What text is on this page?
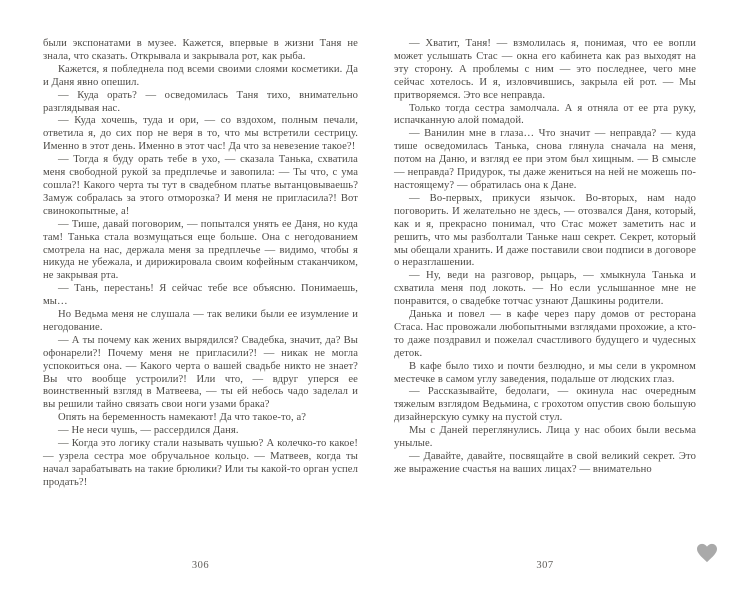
были экспонатами в музее. Кажется, впервые в жизни Таня не знала, что сказать. Открывала и закрывала рот, как рыба.

Кажется, я побледнела под всеми своими слоями косметики. Да и Даня явно опешил.

— Куда орать? — осведомилась Таня тихо, внимательно разглядывая нас.

— Куда хочешь, туда и ори, — со вздохом, полным печали, ответила я, до сих пор не веря в то, что мы встретили сестрицу. Именно в этот день. Именно в этот час! Да что за невезение такое?!

— Тогда я буду орать тебе в ухо, — сказала Танька, схватила меня свободной рукой за предплечье и завопила: — Ты что, с ума сошла?! Какого черта ты тут в свадебном платье вытанцовываешь? Замуж собралась за этого отморозка? И меня не пригласила?! Вот свинокопытные, а!

— Тише, давай поговорим, — попытался унять ее Даня, но куда там! Танька стала возмущаться еще больше. Она с негодованием смотрела на нас, держала меня за предплечье — видимо, чтобы я никуда не убежала, и дирижировала своим кофейным стаканчиком, не закрывая рта.

— Тань, перестань! Я сейчас тебе все объясню. Понимаешь, мы…

Но Ведьма меня не слушала — так велики были ее изумление и негодование.

— А ты почему как жених вырядился? Свадебка, значит, да? Вы офонарели?! Почему меня не пригласили?! — никак не могла успокоиться она. — Какого черта о вашей свадьбе никто не знает? Вы что вообще устроили?! Или что, — вдруг уперся ее воинственный взгляд в Матвеева, — ты ей небось чадо заделал и вы решили тайно связать свои ноги узами брака?

Опять на беременность намекают! Да что такое-то, а?

— Не неси чушь, — рассердился Даня.

— Когда это логику стали называть чушью? А колечко-то какое! — узрела сестра мое обручальное кольцо. — Матвеев, когда ты начал зарабатывать на такие брюлики? Или ты какой-то орган успел продать?!

306

— Хватит, Таня! — взмолилась я, понимая, что ее вопли может услышать Стас — окна его кабинета как раз выходят на эту сторону. А проблемы с ним — это последнее, чего мне сейчас хотелось. И я, изловчившись, закрыла ей рот. — Мы притворяемся. Это все неправда.

Только тогда сестра замолчала. А я отняла от ее рта руку, испачканную алой помадой.

— Ванилин мне в глаза… Что значит — неправда? — куда тише осведомилась Танька, снова глянула сначала на меня, потом на Даню, и взгляд ее при этом был хищным. — В смысле — неправда? Придурок, ты даже жениться на ней не можешь по-настоящему? — обратилась она к Дане.

— Во-первых, прикуси язычок. Во-вторых, нам надо поговорить. И желательно не здесь, — отозвался Даня, который, как и я, прекрасно понимал, что Стас может заметить нас и решить, что мы разболтали Таньке наш секрет. Секрет, который мы обещали хранить. И даже поставили свои подписи в договоре о неразглашении.

— Ну, веди на разговор, рыцарь, — хмыкнула Танька и схватила меня под локоть. — Но если услышанное мне не понравится, о свадебке тотчас узнают Дашкины родители.

Данька и повел — в кафе через пару домов от ресторана Стаса. Нас провожали любопытными взглядами прохожие, а кто-то даже поздравил и пожелал счастливого будущего и чудесных деток.

В кафе было тихо и почти безлюдно, и мы сели в укромном местечке в самом углу заведения, подальше от людских глаз.

— Рассказывайте, бедолаги, — окинула нас очередным тяжелым взглядом Ведьмина, с грохотом опустив свою большую дизайнерскую сумку на пустой стул.

Мы с Даней переглянулись. Лица у нас обоих были весьма унылые.

— Давайте, давайте, посвящайте в свой великий секрет. Это же выражение счастья на ваших лицах? — внимательно

307
